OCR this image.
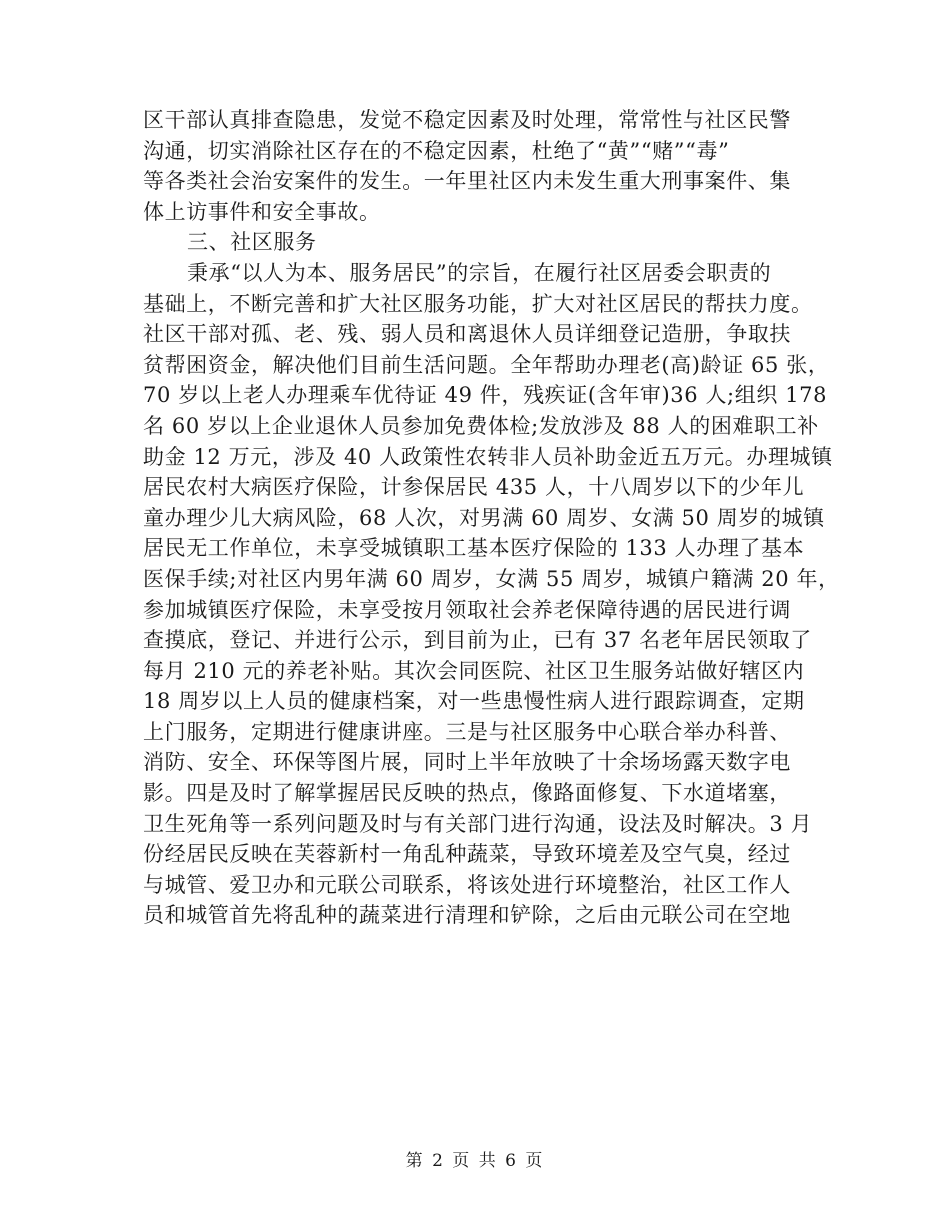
区干部认真排查隐患，发觉不稳定因素及时处理，常常性与社区民警
沟通，切实消除社区存在的不稳定因素，杜绝了“黄”“赌”“毒”
等各类社会治安案件的发生。一年里社区内未发生重大刑事案件、集
体上访事件和安全事故。
三、社区服务
秉承“以人为本、服务居民”的宗旨，在履行社区居委会职责的
基础上，不断完善和扩大社区服务功能，扩大对社区居民的帮扶力度。
社区干部对孤、老、残、弱人员和离退休人员详细登记造册，争取扶
贫帮困资金，解决他们目前生活问题。全年帮助办理老(高)龄证 65 张，
70 岁以上老人办理乘车优待证 49 件，残疾证(含年审)36 人;组织 178
名 60 岁以上企业退休人员参加免费体检;发放涉及 88 人的困难职工补
助金 12 万元，涉及 40 人政策性农转非人员补助金近五万元。办理城镇
居民农村大病医疗保险，计参保居民 435 人，十八周岁以下的少年儿
童办理少儿大病风险，68 人次，对男满 60 周岁、女满 50 周岁的城镇
居民无工作单位，未享受城镇职工基本医疗保险的 133 人办理了基本
医保手续;对社区内男年满 60 周岁，女满 55 周岁，城镇户籍满 20 年，
参加城镇医疗保险，未享受按月领取社会养老保障待遇的居民进行调
查摸底，登记、并进行公示，到目前为止，已有 37 名老年居民领取了
每月 210 元的养老补贴。其次会同医院、社区卫生服务站做好辖区内
18 周岁以上人员的健康档案，对一些患慢性病人进行跟踪调查，定期
上门服务，定期进行健康讲座。三是与社区服务中心联合举办科普、
消防、安全、环保等图片展，同时上半年放映了十余场场露天数字电
影。四是及时了解掌握居民反映的热点，像路面修复、下水道堵塞，
卫生死角等一系列问题及时与有关部门进行沟通，设法及时解决。3 月
份经居民反映在芙蓉新村一角乱种蔬菜，导致环境差及空气臭，经过
与城管、爱卫办和元联公司联系，将该处进行环境整治，社区工作人
员和城管首先将乱种的蔬菜进行清理和铲除，之后由元联公司在空地
第 2 页 共 6 页
